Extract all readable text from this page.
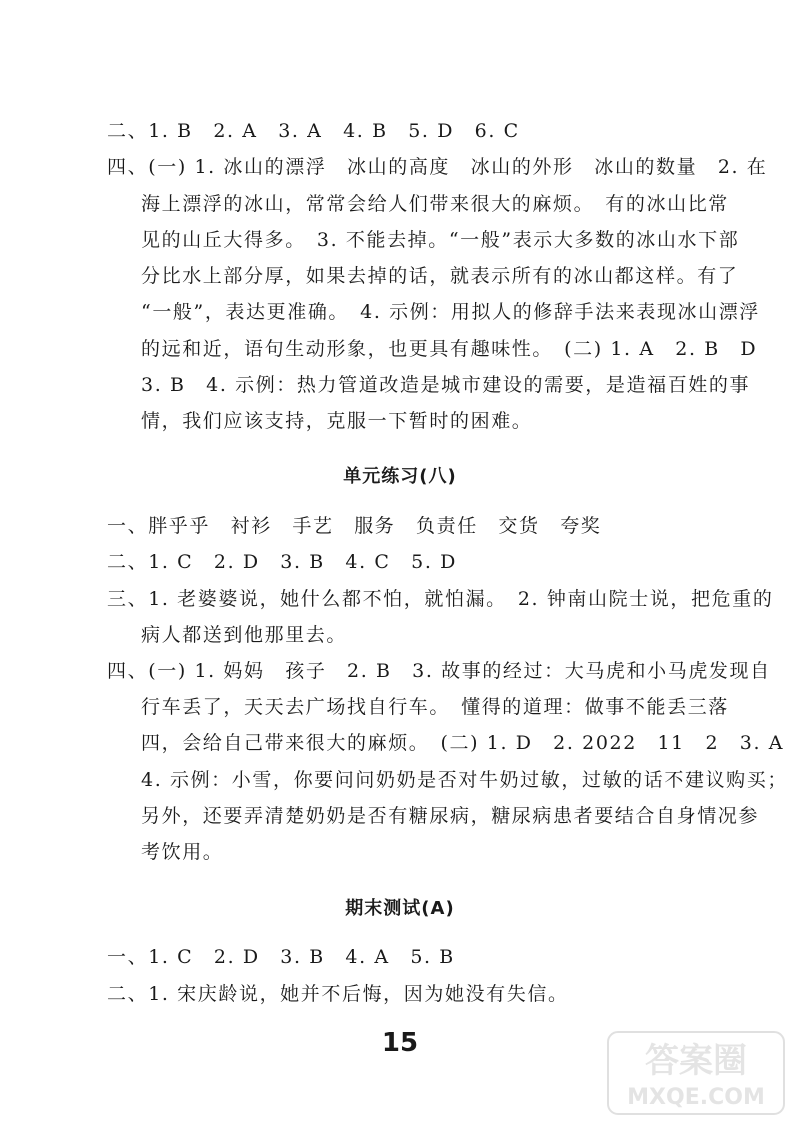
二、1. B　2. A　3. A　4. B　5. D　6. C
四、(一) 1. 冰山的漂浮　冰山的高度　冰山的外形　冰山的数量　2. 在
海上漂浮的冰山，常常会给人们带来很大的麻烦。　有的冰山比常
见的山丘大得多。　3. 不能去掉。“一般”表示大多数的冰山水下部
分比水上部分厚，如果去掉的话，就表示所有的冰山都这样。有了
“一般”，表达更准确。　4. 示例：用拟人的修辞手法来表现冰山漂浮
的远和近，语句生动形象，也更具有趣味性。　(二) 1. A　2. B　D
3. B　4. 示例：热力管道改造是城市建设的需要，是造福百姓的事
情，我们应该支持，克服一下暂时的困难。
单元练习(八)
一、胖乎乎　衬衫　手艺　服务　负责任　交货　夸奖
二、1. C　2. D　3. B　4. C　5. D
三、1. 老婆婆说，她什么都不怕，就怕漏。　2. 钟南山院士说，把危重的
病人都送到他那里去。
四、(一) 1. 妈妈　孩子　2. B　3. 故事的经过：大马虎和小马虎发现自
行车丢了，天天去广场找自行车。　懂得的道理：做事不能丢三落
四，会给自己带来很大的麻烦。　(二) 1. D　2. 2022　11　2　3. A
4. 示例：小雪，你要问问奶奶是否对牛奶过敏，过敏的话不建议购买；
另外，还要弄清楚奶奶是否有糖尿病，糖尿病患者要结合自身情况参
考饮用。
期末测试(A)
一、1. C　2. D　3. B　4. A　5. B
二、1. 宋庆龄说，她并不后悔，因为她没有失信。
15	答案圈
MXQE.COM
